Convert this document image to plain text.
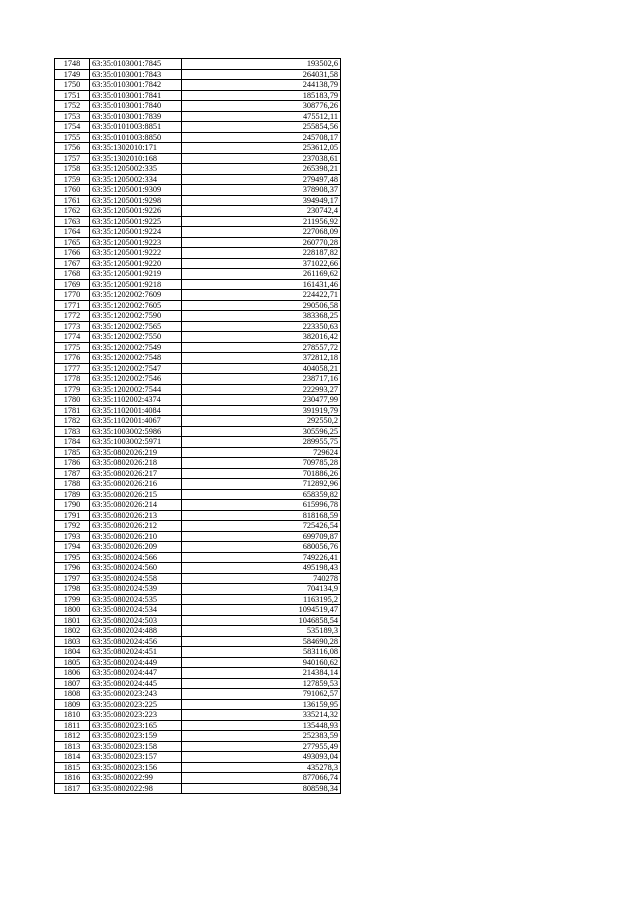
1748	63:35:0103001:7845	193502,6
1749	63:35:0103001:7843	264031,58
1750	63:35:0103001:7842	244138,79
1751	63:35:0103001:7841	185183,79
1752	63:35:0103001:7840	308776,26
1753	63:35:0103001:7839	475512,11
1754	63:35:0101003:8851	255854,56
1755	63:35:0101003:8850	245708,17
1756	63:35:1302010:171	253612,05
1757	63:35:1302010:168	237038,61
1758	63:35:1205002:335	265398,21
1759	63:35:1205002:334	279497,48
1760	63:35:1205001:9309	378908,37
1761	63:35:1205001:9298	394949,17
1762	63:35:1205001:9226	230742,4
1763	63:35:1205001:9225	211956,92
1764	63:35:1205001:9224	227068,09
1765	63:35:1205001:9223	260770,28
1766	63:35:1205001:9222	228187,82
1767	63:35:1205001:9220	371022,66
1768	63:35:1205001:9219	261169,62
1769	63:35:1205001:9218	161431,46
1770	63:35:1202002:7609	224422,71
1771	63:35:1202002:7605	290506,58
1772	63:35:1202002:7590	383368,25
1773	63:35:1202002:7565	223350,63
1774	63:35:1202002:7550	382016,42
1775	63:35:1202002:7549	278557,72
1776	63:35:1202002:7548	372812,18
1777	63:35:1202002:7547	404058,21
1778	63:35:1202002:7546	238717,16
1779	63:35:1202002:7544	222993,27
1780	63:35:1102002:4374	230477,99
1781	63:35:1102001:4084	391919,79
1782	63:35:1102001:4067	292550,2
1783	63:35:1003002:5986	305596,25
1784	63:35:1003002:5971	289955,75
1785	63:35:0802026:219	729624
1786	63:35:0802026:218	709785,28
1787	63:35:0802026:217	701886,26
1788	63:35:0802026:216	712892,96
1789	63:35:0802026:215	658359,82
1790	63:35:0802026:214	615996,78
1791	63:35:0802026:213	818168,59
1792	63:35:0802026:212	725426,54
1793	63:35:0802026:210	699709,87
1794	63:35:0802026:209	680056,76
1795	63:35:0802024:566	749226,41
1796	63:35:0802024:560	495198,43
1797	63:35:0802024:558	740278
1798	63:35:0802024:539	704134,9
1799	63:35:0802024:535	1163195,2
1800	63:35:0802024:534	1094519,47
1801	63:35:0802024:503	1046858,54
1802	63:35:0802024:488	535189,3
1803	63:35:0802024:456	584690,28
1804	63:35:0802024:451	583116,08
1805	63:35:0802024:449	940160,62
1806	63:35:0802024:447	214384,14
1807	63:35:0802024:445	127859,53
1808	63:35:0802023:243	791062,57
1809	63:35:0802023:225	136159,95
1810	63:35:0802023:223	335214,32
1811	63:35:0802023:165	135448,93
1812	63:35:0802023:159	252383,59
1813	63:35:0802023:158	277955,49
1814	63:35:0802023:157	493093,04
1815	63:35:0802023:156	435278,3
1816	63:35:0802022:99	877066,74
1817	63:35:0802022:98	808598,34
